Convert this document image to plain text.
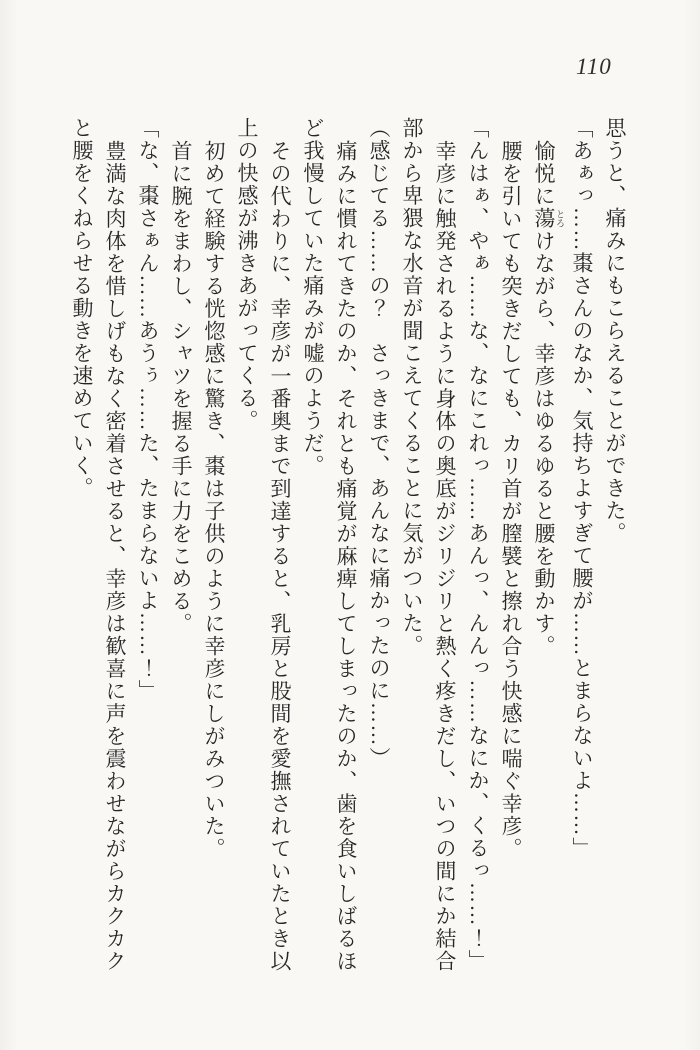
110
思うと、痛みにもこらえることができた。
「あぁっ……棗さんのなか、気持ちよすぎて腰が……とまらないよ……」
愉悦に蕩 とろけながら、幸彦はゆるゆると腰を動かす。
腰を引いても突きだしても、カリ首が膣襞と擦れ合う快感に喘ぐ幸彦。
「んはぁ、やぁ……な、なにこれっ……あんっ、んんっ……なにか、くるっ……！」
幸彦に触発されるように身体の奥底がジリジリと熱く疼きだし、いつの間にか結合
部から卑猥な水音が聞こえてくることに気がついた。
（感じてる……の？　さっきまで、あんなに痛かったのに……）
痛みに慣れてきたのか、それとも痛覚が麻痺してしまったのか、歯を食いしばるほ
ど我慢していた痛みが嘘のようだ。
その代わりに、幸彦が一番奥まで到達すると、乳房と股間を愛撫されていたとき以
上の快感が沸きあがってくる。
初めて経験する恍惚感に驚き、棗は子供のように幸彦にしがみついた。
首に腕をまわし、シャツを握る手に力をこめる。
「な、棗さぁん……あうぅ……た、たまらないよ……！」
豊満な肉体を惜しげもなく密着させると、幸彦は歓喜に声を震わせながらカクカク
と腰をくねらせる動きを速めていく。
